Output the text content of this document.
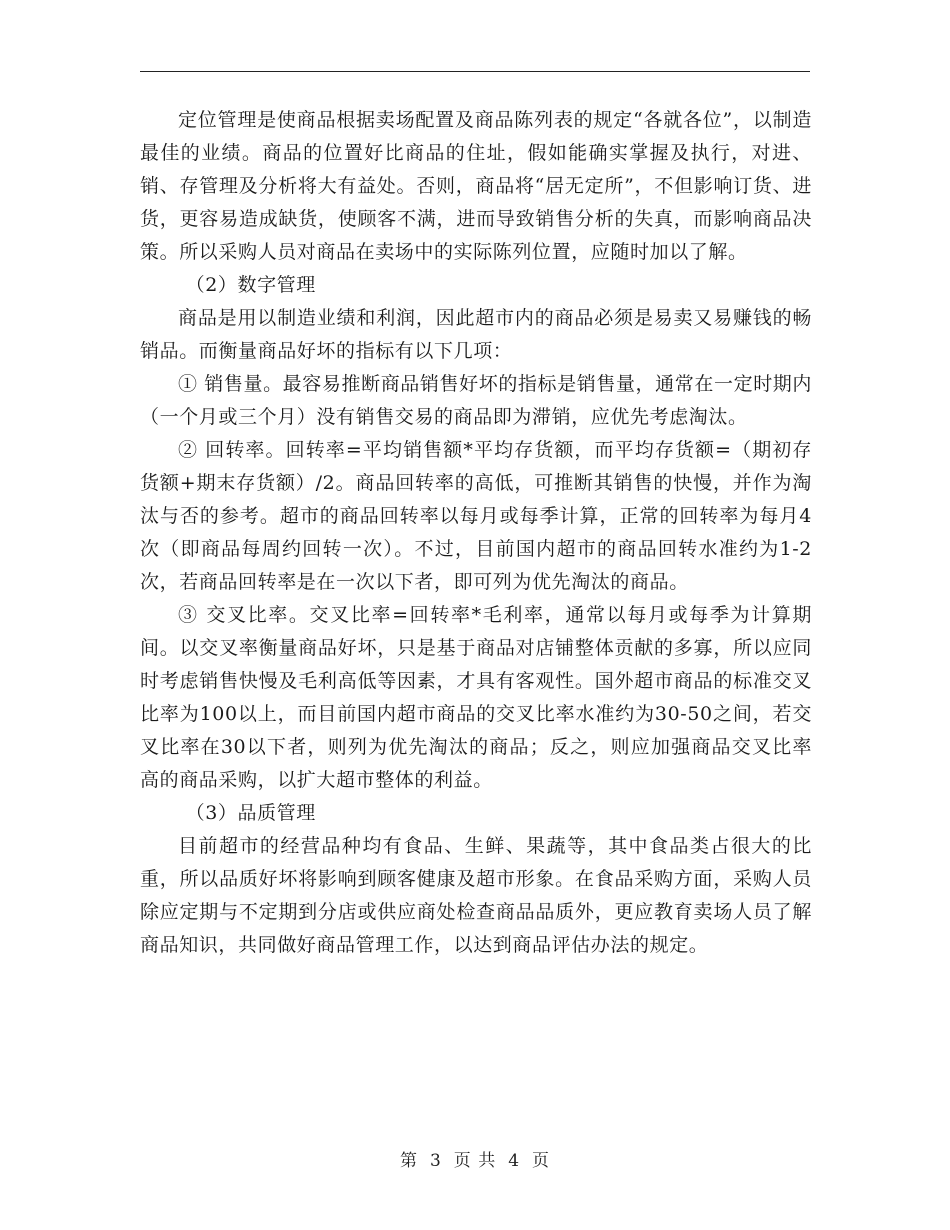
定位管理是使商品根据卖场配置及商品陈列表的规定“各就各位”，以制造最佳的业绩。商品的位置好比商品的住址，假如能确实掌握及执行，对进、销、存管理及分析将大有益处。否则，商品将“居无定所”，不但影响订货、进货，更容易造成缺货，使顾客不满，进而导致销售分析的失真，而影响商品决策。所以采购人员对商品在卖场中的实际陈列位置，应随时加以了解。

（2）数字管理

商品是用以制造业绩和利润，因此超市内的商品必须是易卖又易赚钱的畅销品。而衡量商品好坏的指标有以下几项：

① 销售量。最容易推断商品销售好坏的指标是销售量，通常在一定时期内（一个月或三个月）没有销售交易的商品即为滞销，应优先考虑淘汰。

② 回转率。回转率=平均销售额*平均存货额，而平均存货额=（期初存货额+期末存货额）/2。商品回转率的高低，可推断其销售的快慢，并作为淘汰与否的参考。超市的商品回转率以每月或每季计算，正常的回转率为每月4次（即商品每周约回转一次）。不过，目前国内超市的商品回转水准约为1-2次，若商品回转率是在一次以下者，即可列为优先淘汰的商品。

③ 交叉比率。交叉比率=回转率*毛利率，通常以每月或每季为计算期间。以交叉率衡量商品好坏，只是基于商品对店铺整体贡献的多寡，所以应同时考虑销售快慢及毛利高低等因素，才具有客观性。国外超市商品的标准交叉比率为100以上，而目前国内超市商品的交叉比率水准约为30-50之间，若交叉比率在30以下者，则列为优先淘汰的商品；反之，则应加强商品交叉比率高的商品采购，以扩大超市整体的利益。

（3）品质管理

目前超市的经营品种均有食品、生鲜、果蔬等，其中食品类占很大的比重，所以品质好坏将影响到顾客健康及超市形象。在食品采购方面，采购人员除应定期与不定期到分店或供应商处检查商品品质外，更应教育卖场人员了解商品知识，共同做好商品管理工作，以达到商品评估办法的规定。

第 3 页 共 4 页
